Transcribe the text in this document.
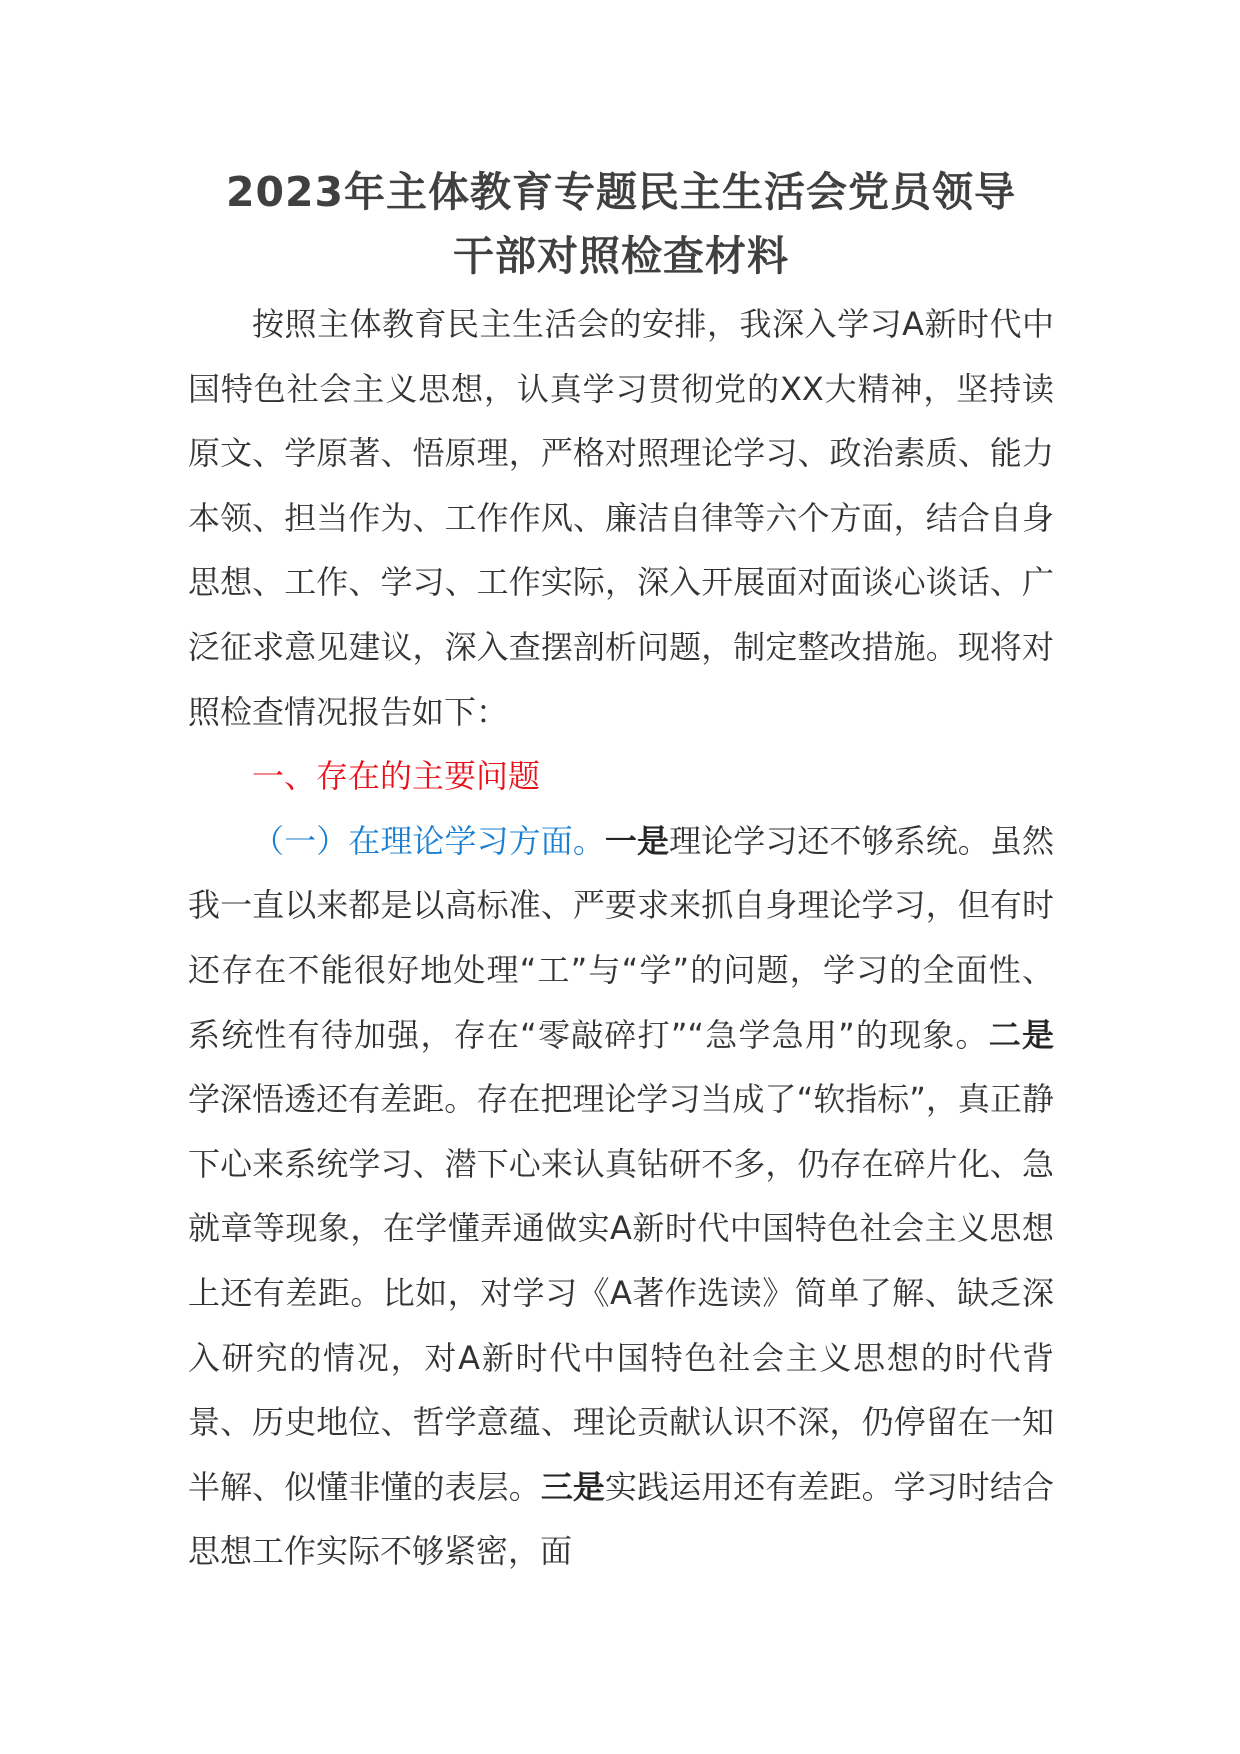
2023年主体教育专题民主生活会党员领导
干部对照检查材料

按照主体教育民主生活会的安排，我深入学习A新时代中国特色社会主义思想，认真学习贯彻党的XX大精神，坚持读原文、学原著、悟原理，严格对照理论学习、政治素质、能力本领、担当作为、工作作风、廉洁自律等六个方面，结合自身思想、工作、学习、工作实际，深入开展面对面谈心谈话、广泛征求意见建议，深入查摆剖析问题，制定整改措施。现将对照检查情况报告如下：

一、存在的主要问题

（一）在理论学习方面。一是理论学习还不够系统。虽然我一直以来都是以高标准、严要求来抓自身理论学习，但有时还存在不能很好地处理“工”与“学”的问题，学习的全面性、系统性有待加强，存在“零敲碎打”“急学急用”的现象。二是学深悟透还有差距。存在把理论学习当成了“软指标”，真正静下心来系统学习、潜下心来认真钻研不多，仍存在碎片化、急就章等现象，在学懂弄通做实A新时代中国特色社会主义思想上还有差距。比如，对学习《A著作选读》简单了解、缺乏深入研究的情况，对A新时代中国特色社会主义思想的时代背景、历史地位、哲学意蕴、理论贡献认识不深，仍停留在一知半解、似懂非懂的表层。三是实践运用还有差距。学习时结合思想工作实际不够紧密，面
